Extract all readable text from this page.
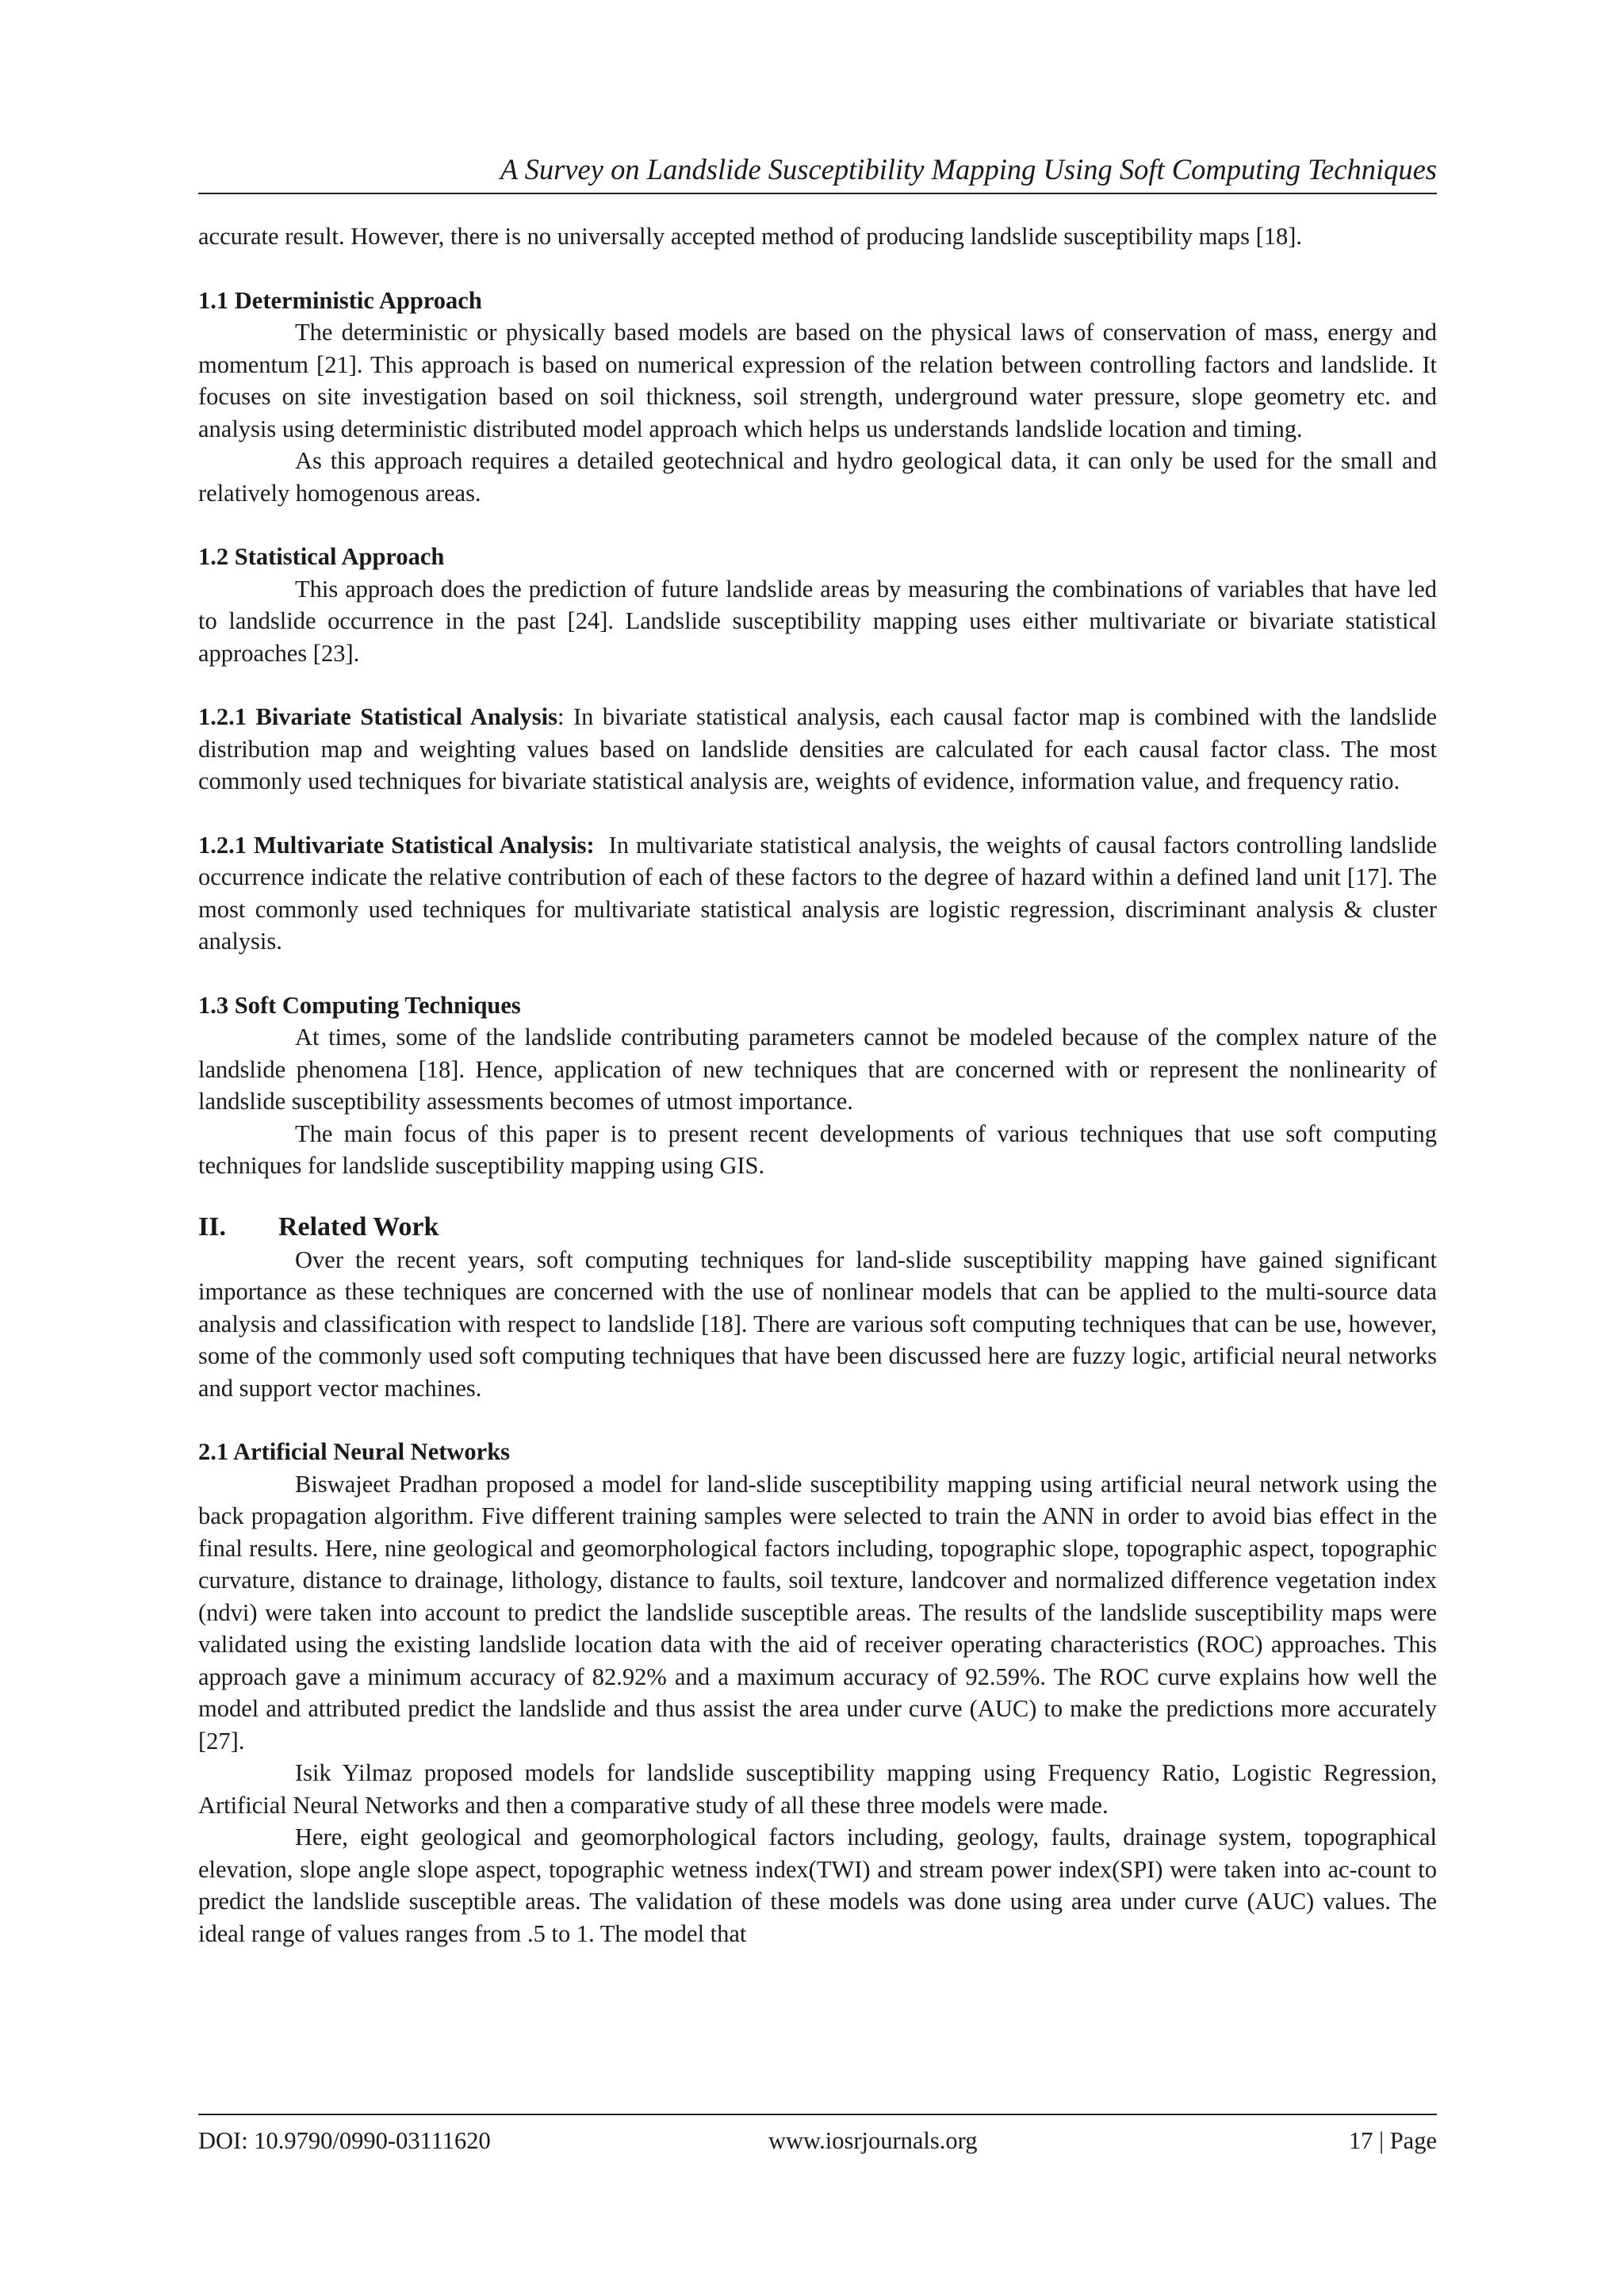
A Survey on Landslide Susceptibility Mapping Using Soft Computing Techniques

accurate result. However, there is no universally accepted method of producing landslide susceptibility maps [18].

1.1 Deterministic Approach

The deterministic or physically based models are based on the physical laws of conservation of mass, energy and momentum [21]. This approach is based on numerical expression of the relation between controlling factors and landslide. It focuses on site investigation based on soil thickness, soil strength, underground water pressure, slope geometry etc. and analysis using deterministic distributed model approach which helps us understands landslide location and timing.

As this approach requires a detailed geotechnical and hydro geological data, it can only be used for the small and relatively homogenous areas.

1.2 Statistical Approach

This approach does the prediction of future landslide areas by measuring the combinations of variables that have led to landslide occurrence in the past [24]. Landslide susceptibility mapping uses either multivariate or bivariate statistical approaches [23].

1.2.1 Bivariate Statistical Analysis: In bivariate statistical analysis, each causal factor map is combined with the landslide distribution map and weighting values based on landslide densities are calculated for each causal factor class. The most commonly used techniques for bivariate statistical analysis are, weights of evidence, information value, and frequency ratio.

1.2.1 Multivariate Statistical Analysis:  In multivariate statistical analysis, the weights of causal factors controlling landslide occurrence indicate the relative contribution of each of these factors to the degree of hazard within a defined land unit [17]. The most commonly used techniques for multivariate statistical analysis are logistic regression, discriminant analysis & cluster analysis.

1.3 Soft Computing Techniques

At times, some of the landslide contributing parameters cannot be modeled because of the complex nature of the landslide phenomena [18]. Hence, application of new techniques that are concerned with or represent the nonlinearity of landslide susceptibility assessments becomes of utmost importance.

The main focus of this paper is to present recent developments of various techniques that use soft computing techniques for landslide susceptibility mapping using GIS.

II. Related Work

Over the recent years, soft computing techniques for land-slide susceptibility mapping have gained significant importance as these techniques are concerned with the use of nonlinear models that can be applied to the multi-source data analysis and classification with respect to landslide [18]. There are various soft computing techniques that can be use, however, some of the commonly used soft computing techniques that have been discussed here are fuzzy logic, artificial neural networks and support vector machines.

2.1 Artificial Neural Networks

Biswajeet Pradhan proposed a model for land-slide susceptibility mapping using artificial neural network using the back propagation algorithm. Five different training samples were selected to train the ANN in order to avoid bias effect in the final results. Here, nine geological and geomorphological factors including, topographic slope, topographic aspect, topographic curvature, distance to drainage, lithology, distance to faults, soil texture, landcover and normalized difference vegetation index (ndvi) were taken into account to predict the landslide susceptible areas. The results of the landslide susceptibility maps were validated using the existing landslide location data with the aid of receiver operating characteristics (ROC) approaches. This approach gave a minimum accuracy of 82.92% and a maximum accuracy of 92.59%. The ROC curve explains how well the model and attributed predict the landslide and thus assist the area under curve (AUC) to make the predictions more accurately [27].

Isik Yilmaz proposed models for landslide susceptibility mapping using Frequency Ratio, Logistic Regression, Artificial Neural Networks and then a comparative study of all these three models were made.

Here, eight geological and geomorphological factors including, geology, faults, drainage system, topographical elevation, slope angle slope aspect, topographic wetness index(TWI) and stream power index(SPI) were taken into ac-count to predict the landslide susceptible areas. The validation of these models was done using area under curve (AUC) values. The ideal range of values ranges from .5 to 1. The model that

DOI: 10.9790/0990-03111620	www.iosrjournals.org	17 | Page
